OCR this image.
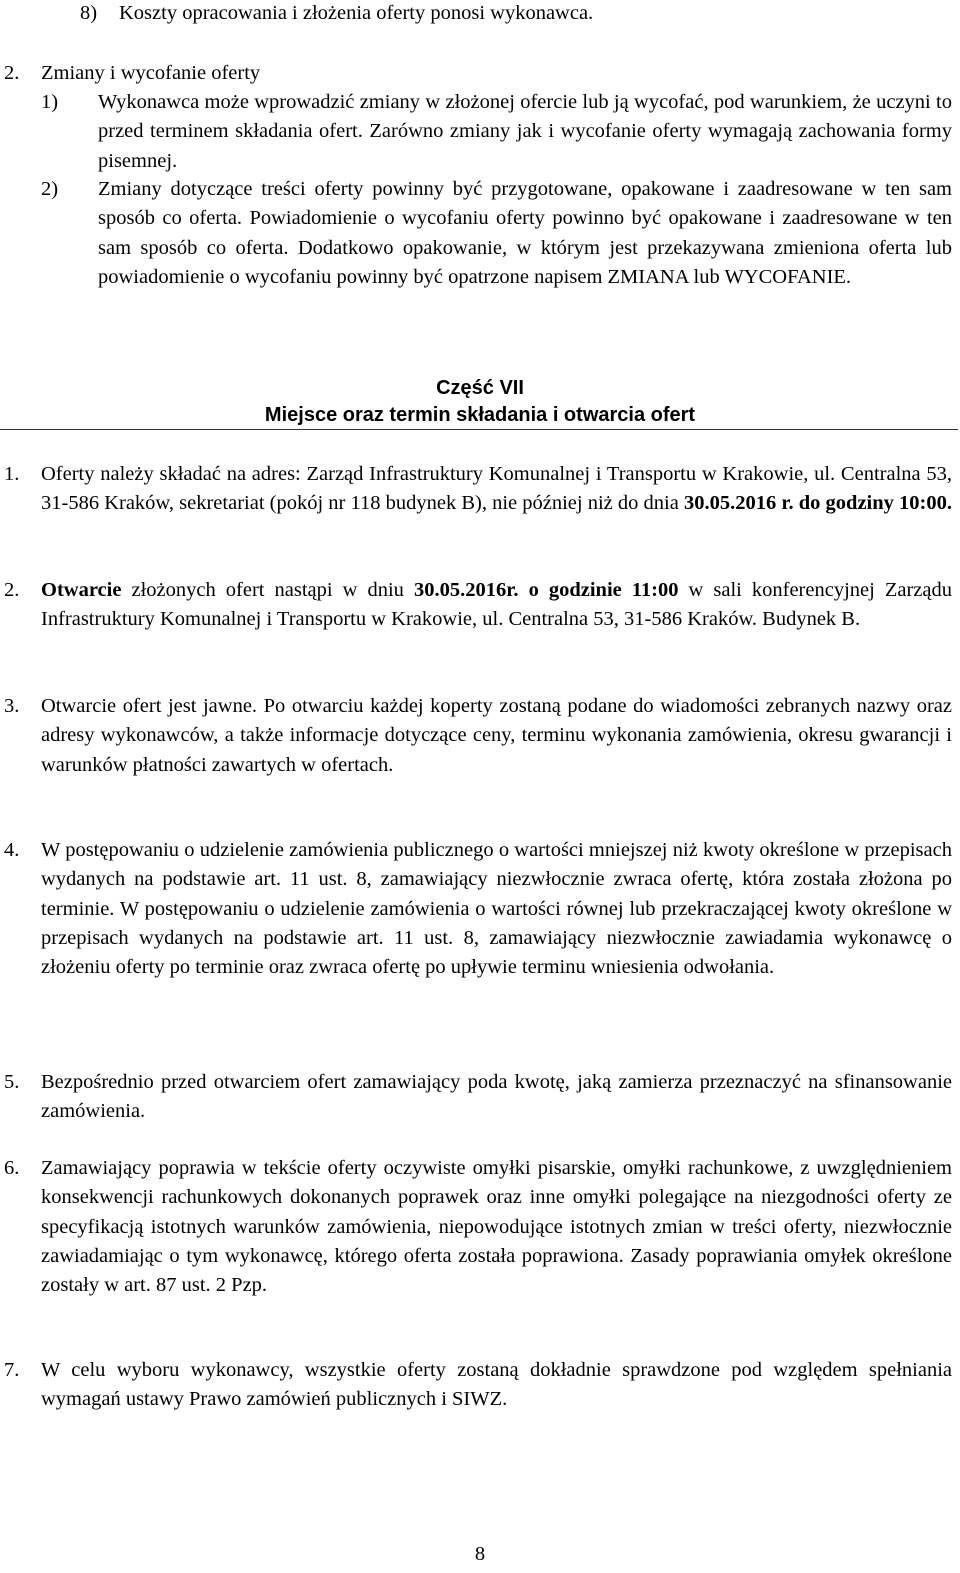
8) Koszty opracowania i złożenia oferty ponosi wykonawca.
2. Zmiany i wycofanie oferty
1) Wykonawca może wprowadzić zmiany w złożonej ofercie lub ją wycofać, pod warunkiem, że uczyni to przed terminem składania ofert. Zarówno zmiany jak i wycofanie oferty wymagają zachowania formy pisemnej.
2) Zmiany dotyczące treści oferty powinny być przygotowane, opakowane i zaadresowane w ten sam sposób co oferta. Powiadomienie o wycofaniu oferty powinno być opakowane i zaadresowane w ten sam sposób co oferta. Dodatkowo opakowanie, w którym jest przekazywana zmieniona oferta lub powiadomienie o wycofaniu powinny być opatrzone napisem ZMIANA lub WYCOFANIE.
Część VII
Miejsce oraz termin składania i otwarcia ofert
1. Oferty należy składać na adres: Zarząd Infrastruktury Komunalnej i Transportu w Krakowie, ul. Centralna 53, 31-586 Kraków, sekretariat (pokój nr 118 budynek B), nie później niż do dnia 30.05.2016 r. do godziny 10:00.
2. Otwarcie złożonych ofert nastąpi w dniu 30.05.2016r. o godzinie 11:00 w sali konferencyjnej Zarządu Infrastruktury Komunalnej i Transportu w Krakowie, ul. Centralna 53, 31-586 Kraków. Budynek B.
3. Otwarcie ofert jest jawne. Po otwarciu każdej koperty zostaną podane do wiadomości zebranych nazwy oraz adresy wykonawców, a także informacje dotyczące ceny, terminu wykonania zamówienia, okresu gwarancji i warunków płatności zawartych w ofertach.
4. W postępowaniu o udzielenie zamówienia publicznego o wartości mniejszej niż kwoty określone w przepisach wydanych na podstawie art. 11 ust. 8, zamawiający niezwłocznie zwraca ofertę, która została złożona po terminie. W postępowaniu o udzielenie zamówienia o wartości równej lub przekraczającej kwoty określone w przepisach wydanych na podstawie art. 11 ust. 8, zamawiający niezwłocznie zawiadamia wykonawcę o złożeniu oferty po terminie oraz zwraca ofertę po upływie terminu wniesienia odwołania.
5. Bezpośrednio przed otwarciem ofert zamawiający poda kwotę, jaką zamierza przeznaczyć na sfinansowanie zamówienia.
6. Zamawiający poprawia w tekście oferty oczywiste omyłki pisarskie, omyłki rachunkowe, z uwzględnieniem konsekwencji rachunkowych dokonanych poprawek oraz inne omyłki polegające na niezgodności oferty ze specyfikacją istotnych warunków zamówienia, niepowodujące istotnych zmian w treści oferty, niezwłocznie zawiadamiając o tym wykonawcę, którego oferta została poprawiona. Zasady poprawiania omyłek określone zostały w art. 87 ust. 2 Pzp.
7. W celu wyboru wykonawcy, wszystkie oferty zostaną dokładnie sprawdzone pod względem spełniania wymagań ustawy Prawo zamówień publicznych i SIWZ.
8
